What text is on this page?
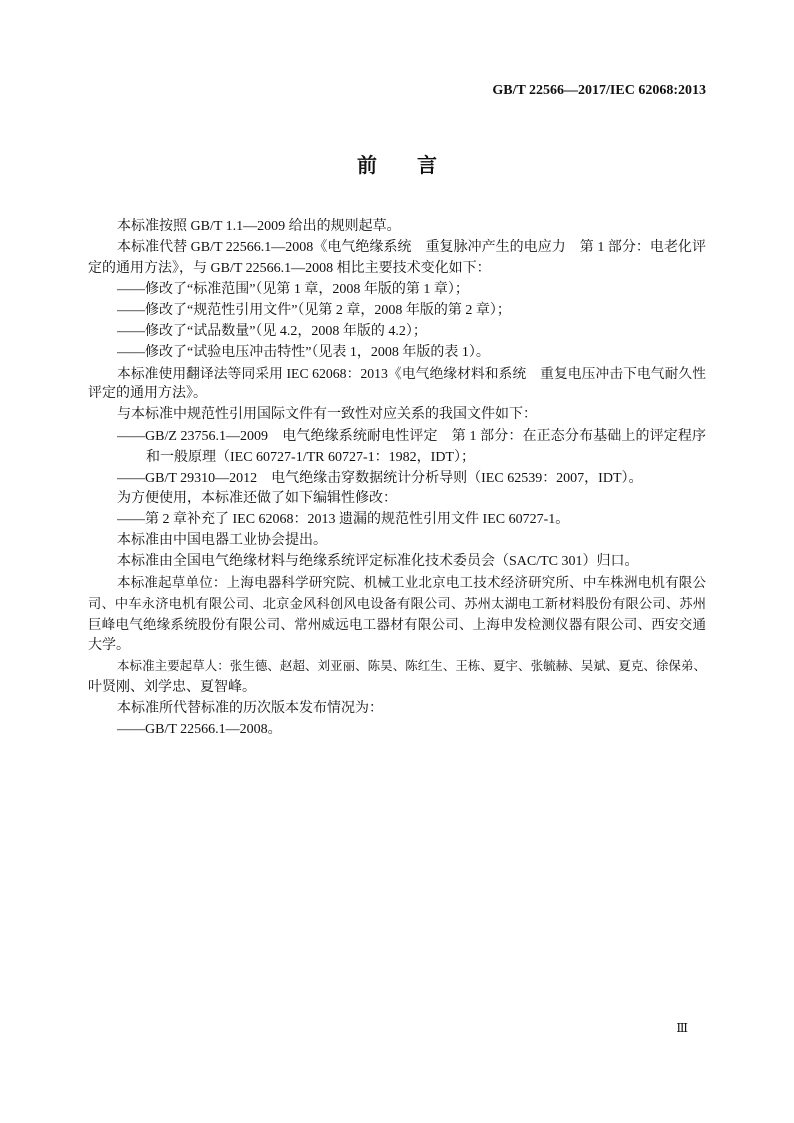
GB/T 22566—2017/IEC 62068:2013
前　　言
本标准按照 GB/T 1.1—2009 给出的规则起草。
本标准代替 GB/T 22566.1—2008《电气绝缘系统　重复脉冲产生的电应力　第 1 部分：电老化评
定的通用方法》，与 GB/T 22566.1—2008 相比主要技术变化如下：
——修改了“标准范围”（见第 1 章，2008 年版的第 1 章）；
——修改了“规范性引用文件”（见第 2 章，2008 年版的第 2 章）；
——修改了“试品数量”（见 4.2，2008 年版的 4.2）；
——修改了“试验电压冲击特性”（见表 1，2008 年版的表 1）。
本标准使用翻译法等同采用 IEC 62068：2013《电气绝缘材料和系统　重复电压冲击下电气耐久性
评定的通用方法》。
与本标准中规范性引用国际文件有一致性对应关系的我国文件如下：
——GB/Z 23756.1—2009　电气绝缘系统耐电性评定　第 1 部分：在正态分布基础上的评定程序
和一般原理（IEC 60727-1/TR 60727-1：1982，IDT）；
——GB/T 29310—2012　电气绝缘击穿数据统计分析导则（IEC 62539：2007，IDT）。
为方便使用，本标准还做了如下编辑性修改：
——第 2 章补充了 IEC 62068：2013 遗漏的规范性引用文件 IEC 60727-1。
本标准由中国电器工业协会提出。
本标准由全国电气绝缘材料与绝缘系统评定标准化技术委员会（SAC/TC 301）归口。
本标准起草单位：上海电器科学研究院、机械工业北京电工技术经济研究所、中车株洲电机有限公
司、中车永济电机有限公司、北京金风科创风电设备有限公司、苏州太湖电工新材料股份有限公司、苏州
巨峰电气绝缘系统股份有限公司、常州威远电工器材有限公司、上海申发检测仪器有限公司、西安交通
大学。
本标准主要起草人：张生德、赵超、刘亚丽、陈昊、陈红生、王栋、夏宇、张毓赫、吴斌、夏克、徐保弟、
叶贤刚、刘学忠、夏智峰。
本标准所代替标准的历次版本发布情况为：
——GB/T 22566.1—2008。
Ⅲ
